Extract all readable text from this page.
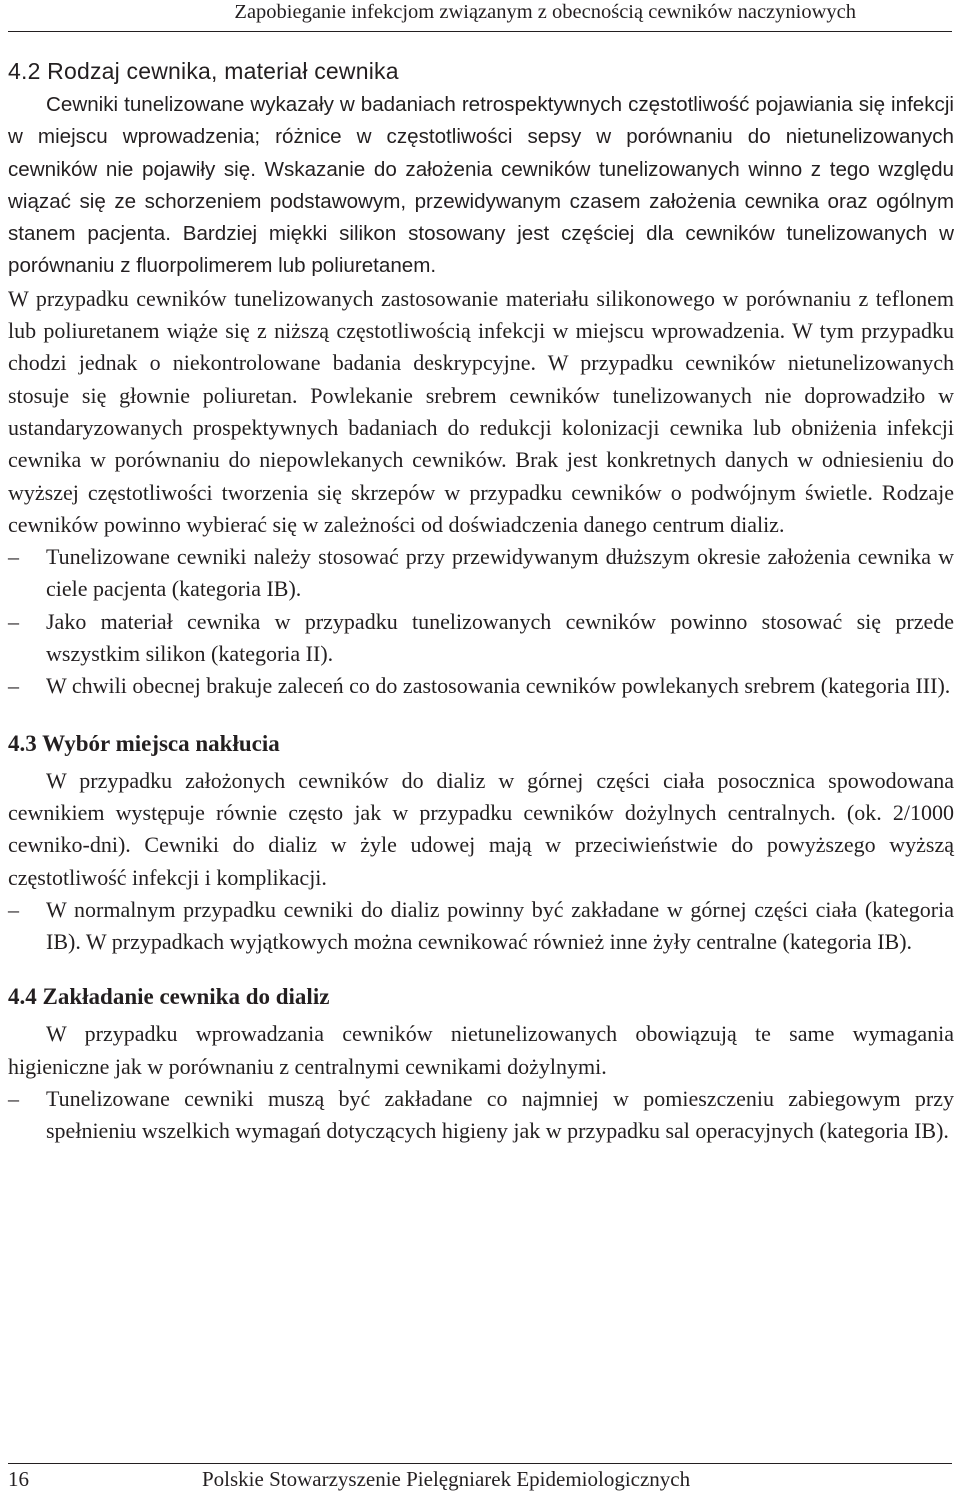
Zapobieganie infekcjom związanym z obecnością cewników naczyniowych
4.2 Rodzaj cewnika, materiał cewnika

Cewniki tunelizowane wykazały w badaniach retrospektywnych częstotliwość pojawiania się infekcji w miejscu wprowadzenia; różnice w częstotliwości sepsy w porównaniu do nietunelizowanych cewników nie pojawiły się. Wskazanie do założenia cewników tunelizowanych winno z tego względu wiązać się ze schorzeniem podstawowym, przewidywanym czasem założenia cewnika oraz ogólnym stanem pacjenta. Bardziej miękki silikon stosowany jest częściej dla cewników tunelizowanych w porównaniu z fluorpolimerem lub poliuretanem.

W przypadku cewników tunelizowanych zastosowanie materiału silikonowego w porównaniu z teflonem lub poliuretanem wiąże się z niższą częstotliwością infekcji w miejscu wprowadzenia. W tym przypadku chodzi jednak o niekontrolowane badania deskrypcyjne. W przypadku cewników nietunelizowanych stosuje się głownie poliuretan. Powlekanie srebrem cewników tunelizowanych nie doprowadziło w ustandaryzowanych prospektywnych badaniach do redukcji kolonizacji cewnika lub obniżenia infekcji cewnika w porównaniu do niepowlekanych cewników. Brak jest konkretnych danych w odniesieniu do wyższej częstotliwości tworzenia się skrzepów w przypadku cewników o podwójnym świetle. Rodzaje cewników powinno wybierać się w zależności od doświadczenia danego centrum dializ.

– Tunelizowane cewniki należy stosować przy przewidywanym dłuższym okresie założenia cewnika w ciele pacjenta (kategoria IB).
– Jako materiał cewnika w przypadku tunelizowanych cewników powinno stosować się przede wszystkim silikon (kategoria II).
– W chwili obecnej brakuje zaleceń co do zastosowania cewników powlekanych srebrem (kategoria III).
4.3 Wybór miejsca nakłucia

W przypadku założonych cewników do dializ w górnej części ciała posocznica spowodowana cewnikiem występuje równie często jak w przypadku cewników dożylnych centralnych. (ok. 2/1000 cewniko-dni). Cewniki do dializ w żyle udowej mają w przeciwieństwie do powyższego wyższą częstotliwość infekcji i komplikacji.

– W normalnym przypadku cewniki do dializ powinny być zakładane w górnej części ciała (kategoria IB). W przypadkach wyjątkowych można cewnikować również inne żyły centralne (kategoria IB).
4.4 Zakładanie cewnika do dializ

W przypadku wprowadzania cewników nietunelizowanych obowiązują te same wymagania higieniczne jak w porównaniu z centralnymi cewnikami dożylnymi.

– Tunelizowane cewniki muszą być zakładane co najmniej w pomieszczeniu zabiegowym przy spełnieniu wszelkich wymagań dotyczących higieny jak w przypadku sal operacyjnych (kategoria IB).
16	Polskie Stowarzyszenie Pielęgniarek Epidemiologicznych
